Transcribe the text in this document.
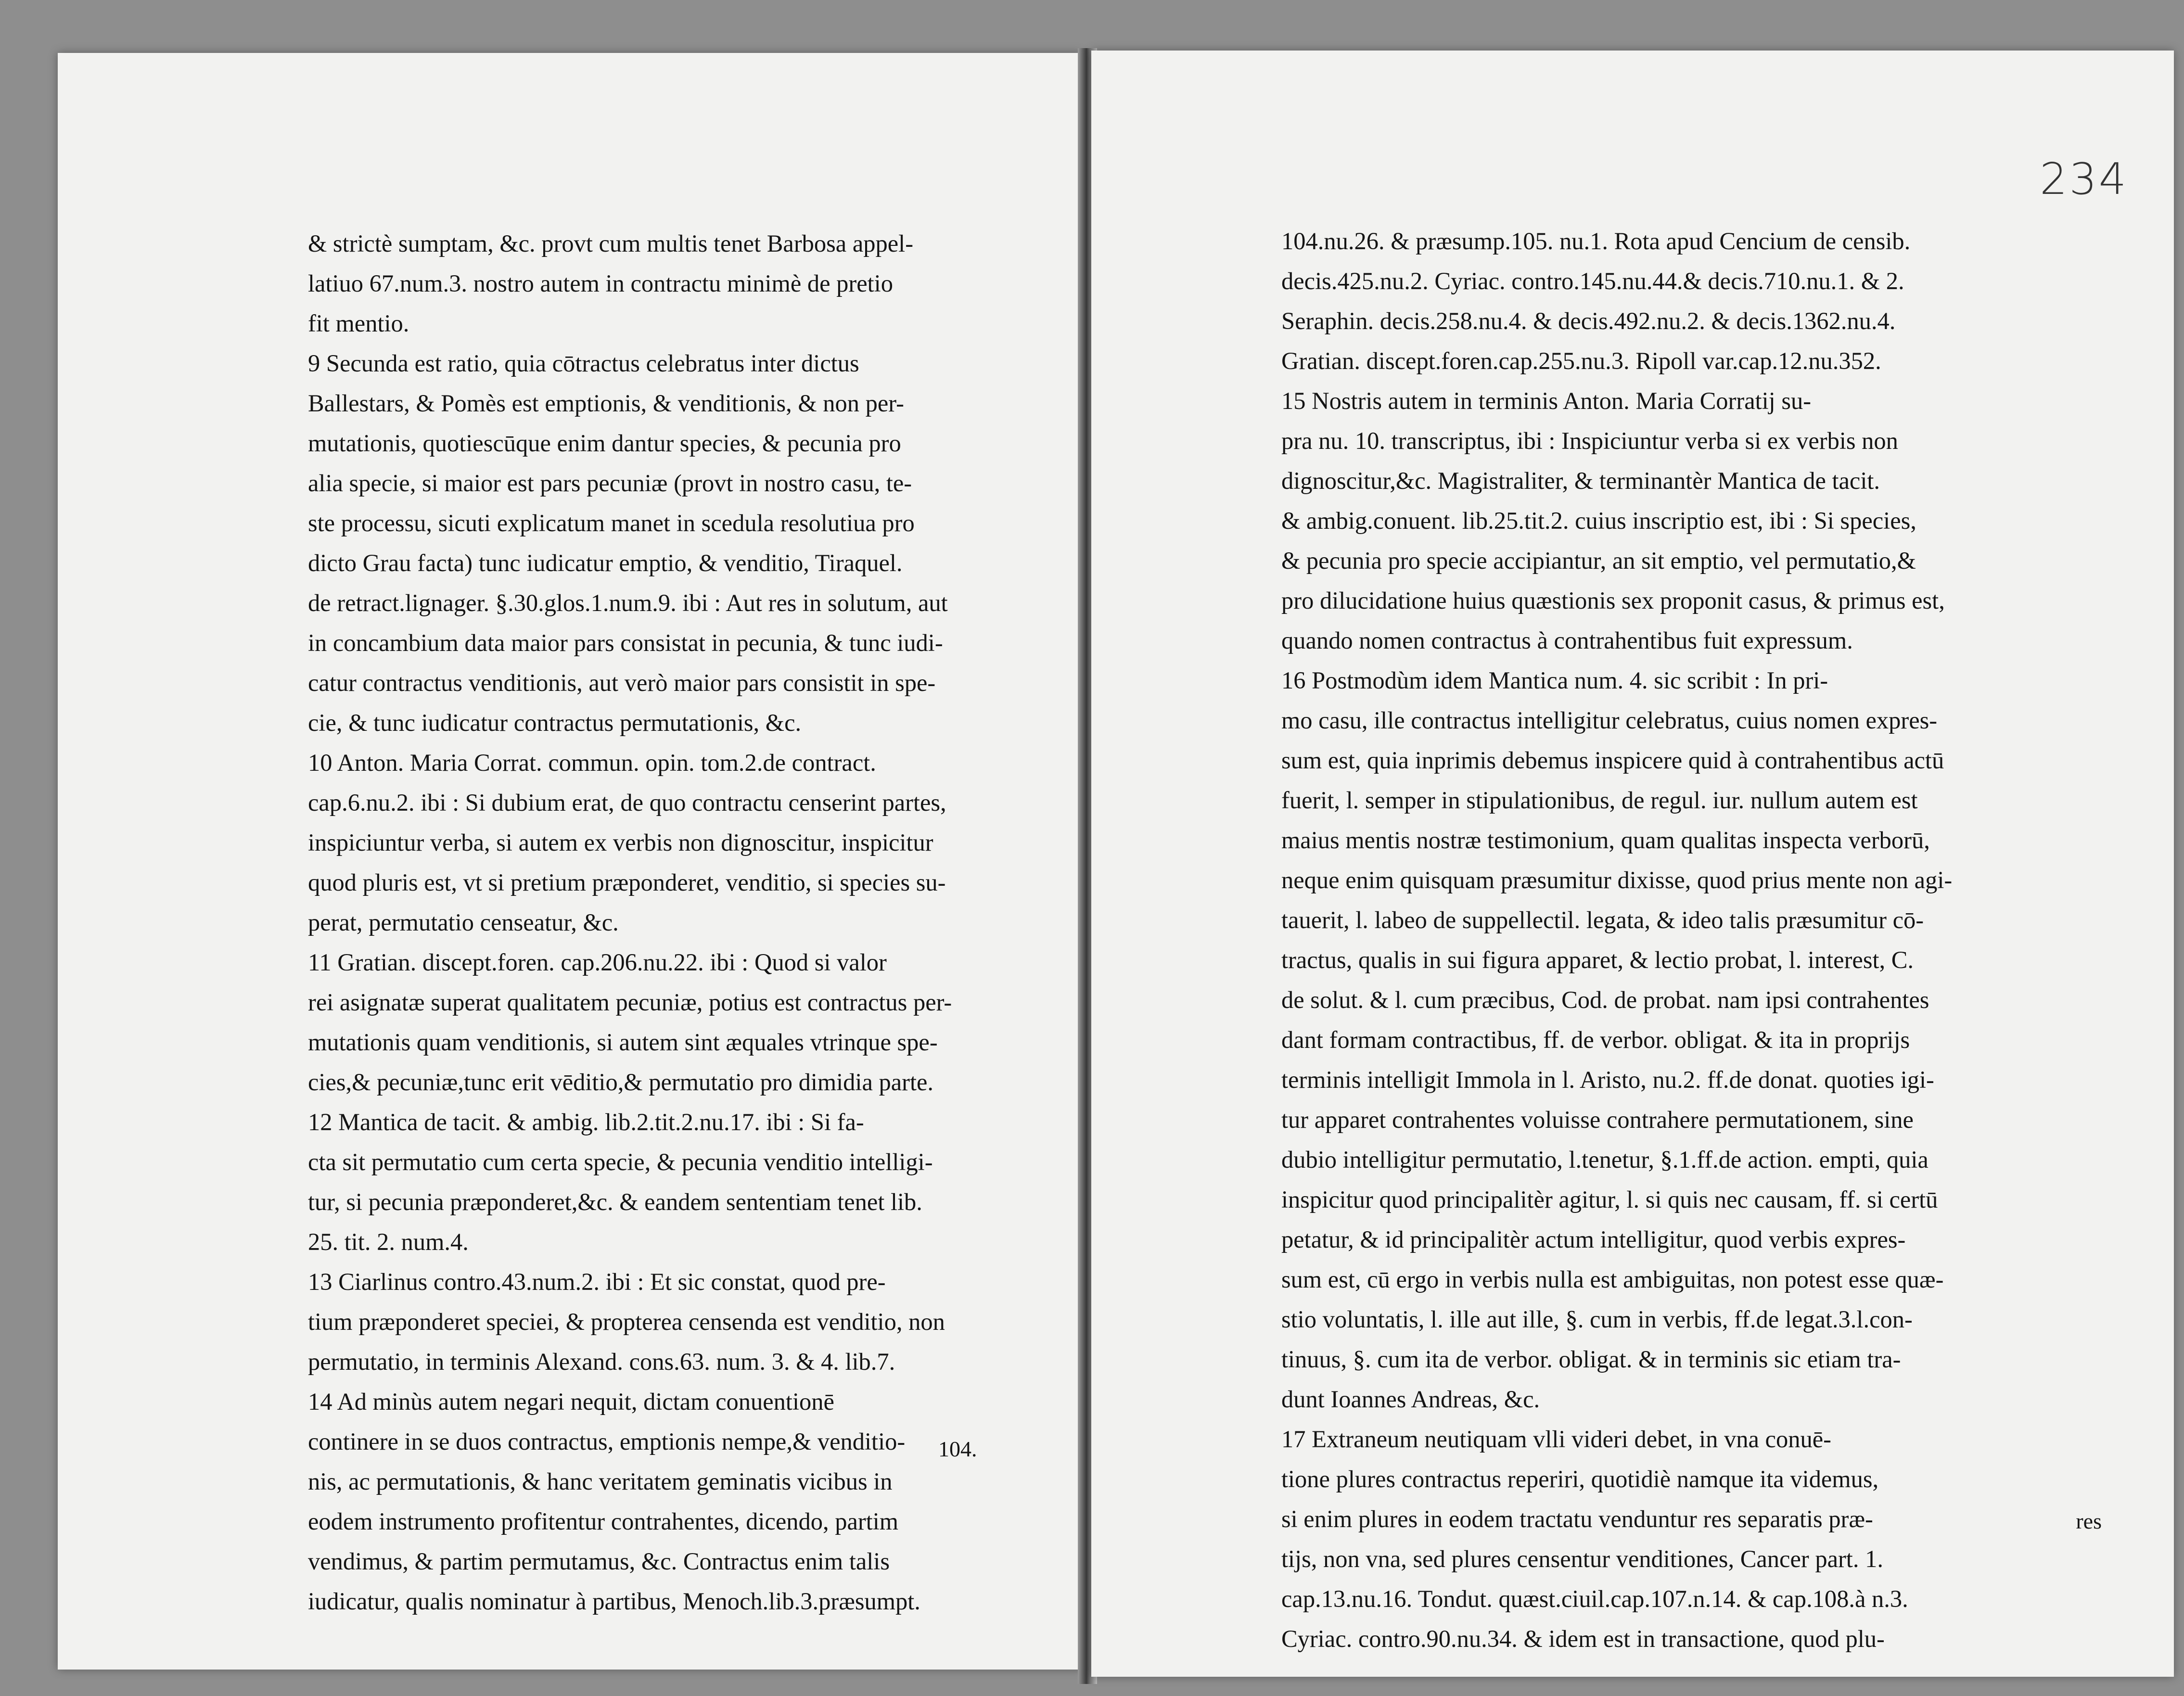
& strictè sumptam, &c. provt cum multis tenet Barbosa appel-
latiuo 67.num.3. nostro autem in contractu minimè de pretio
fit mentio.
9 Secunda est ratio, quia cōtractus celebratus inter dictus
Ballestars, & Pomès est emptionis, & venditionis, & non per-
mutationis, quotiescūque enim dantur species, & pecunia pro
alia specie, si maior est pars pecuniæ (provt in nostro casu, te-
ste processu, sicuti explicatum manet in scedula resolutiua pro
dicto Grau facta) tunc iudicatur emptio, & venditio, Tiraquel.
de retract.lignager. §.30.glos.1.num.9. ibi : Aut res in solutum, aut
in concambium data maior pars consistat in pecunia, & tunc iudi-
catur contractus venditionis, aut verò maior pars consistit in spe-
cie, & tunc iudicatur contractus permutationis, &c.
10 Anton. Maria Corrat. commun. opin. tom.2.de contract.
cap.6.nu.2. ibi : Si dubium erat, de quo contractu censerint partes,
inspiciuntur verba, si autem ex verbis non dignoscitur, inspicitur
quod pluris est, vt si pretium præponderet, venditio, si species su-
perat, permutatio censeatur, &c.
11 Gratian. discept.foren. cap.206.nu.22. ibi : Quod si valor
rei asignatæ superat qualitatem pecuniæ, potius est contractus per-
mutationis quam venditionis, si autem sint æquales vtrinque spe-
cies,& pecuniæ,tunc erit vēditio,& permutatio pro dimidia parte.
12 Mantica de tacit. & ambig. lib.2.tit.2.nu.17. ibi : Si fa-
cta sit permutatio cum certa specie, & pecunia venditio intelligi-
tur, si pecunia præponderet,&c. & eandem sententiam tenet lib.
25. tit. 2. num.4.
13 Ciarlinus contro.43.num.2. ibi : Et sic constat, quod pre-
tium præponderet speciei, & propterea censenda est venditio, non
permutatio, in terminis Alexand. cons.63. num. 3. & 4. lib.7.
14 Ad minùs autem negari nequit, dictam conuentionē
continere in se duos contractus, emptionis nempe,& venditio-
nis, ac permutationis, & hanc veritatem geminatis vicibus in
eodem instrumento profitentur contrahentes, dicendo, partim
vendimus, & partim permutamus, &c. Contractus enim talis
iudicatur, qualis nominatur à partibus, Menoch.lib.3.præsumpt.
104.
234
104.nu.26. & præsump.105. nu.1. Rota apud Cencium de censib.
decis.425.nu.2. Cyriac. contro.145.nu.44.& decis.710.nu.1. & 2.
Seraphin. decis.258.nu.4. & decis.492.nu.2. & decis.1362.nu.4.
Gratian. discept.foren.cap.255.nu.3. Ripoll var.cap.12.nu.352.
15 Nostris autem in terminis Anton. Maria Corratij su-
pra nu. 10. transcriptus, ibi : Inspiciuntur verba si ex verbis non
dignoscitur,&c. Magistraliter, & terminantèr Mantica de tacit.
& ambig.conuent. lib.25.tit.2. cuius inscriptio est, ibi : Si species,
& pecunia pro specie accipiantur, an sit emptio, vel permutatio,&
pro dilucidatione huius quæstionis sex proponit casus, & primus est,
quando nomen contractus à contrahentibus fuit expressum.
16 Postmodùm idem Mantica num. 4. sic scribit : In pri-
mo casu, ille contractus intelligitur celebratus, cuius nomen expres-
sum est, quia inprimis debemus inspicere quid à contrahentibus actū
fuerit, l. semper in stipulationibus, de regul. iur. nullum autem est
maius mentis nostræ testimonium, quam qualitas inspecta verborū,
neque enim quisquam præsumitur dixisse, quod prius mente non agi-
tauerit, l. labeo de suppellectil. legata, & ideo talis præsumitur cō-
tractus, qualis in sui figura apparet, & lectio probat, l. interest, C.
de solut. & l. cum præcibus, Cod. de probat. nam ipsi contrahentes
dant formam contractibus, ff. de verbor. obligat. & ita in proprijs
terminis intelligit Immola in l. Aristo, nu.2. ff.de donat. quoties igi-
tur apparet contrahentes voluisse contrahere permutationem, sine
dubio intelligitur permutatio, l.tenetur, §.1.ff.de action. empti, quia
inspicitur quod principalitèr agitur, l. si quis nec causam, ff. si certū
petatur, & id principalitèr actum intelligitur, quod verbis expres-
sum est, cū ergo in verbis nulla est ambiguitas, non potest esse quæ-
stio voluntatis, l. ille aut ille, §. cum in verbis, ff.de legat.3.l.con-
tinuus, §. cum ita de verbor. obligat. & in terminis sic etiam tra-
dunt Ioannes Andreas, &c.
17 Extraneum neutiquam vlli videri debet, in vna conuē-
tione plures contractus reperiri, quotidiè namque ita videmus,
si enim plures in eodem tractatu venduntur res separatis præ-
tijs, non vna, sed plures censentur venditiones, Cancer part. 1.
cap.13.nu.16. Tondut. quæst.ciuil.cap.107.n.14. & cap.108.à n.3.
Cyriac. contro.90.nu.34. & idem est in transactione, quod plu-
res
